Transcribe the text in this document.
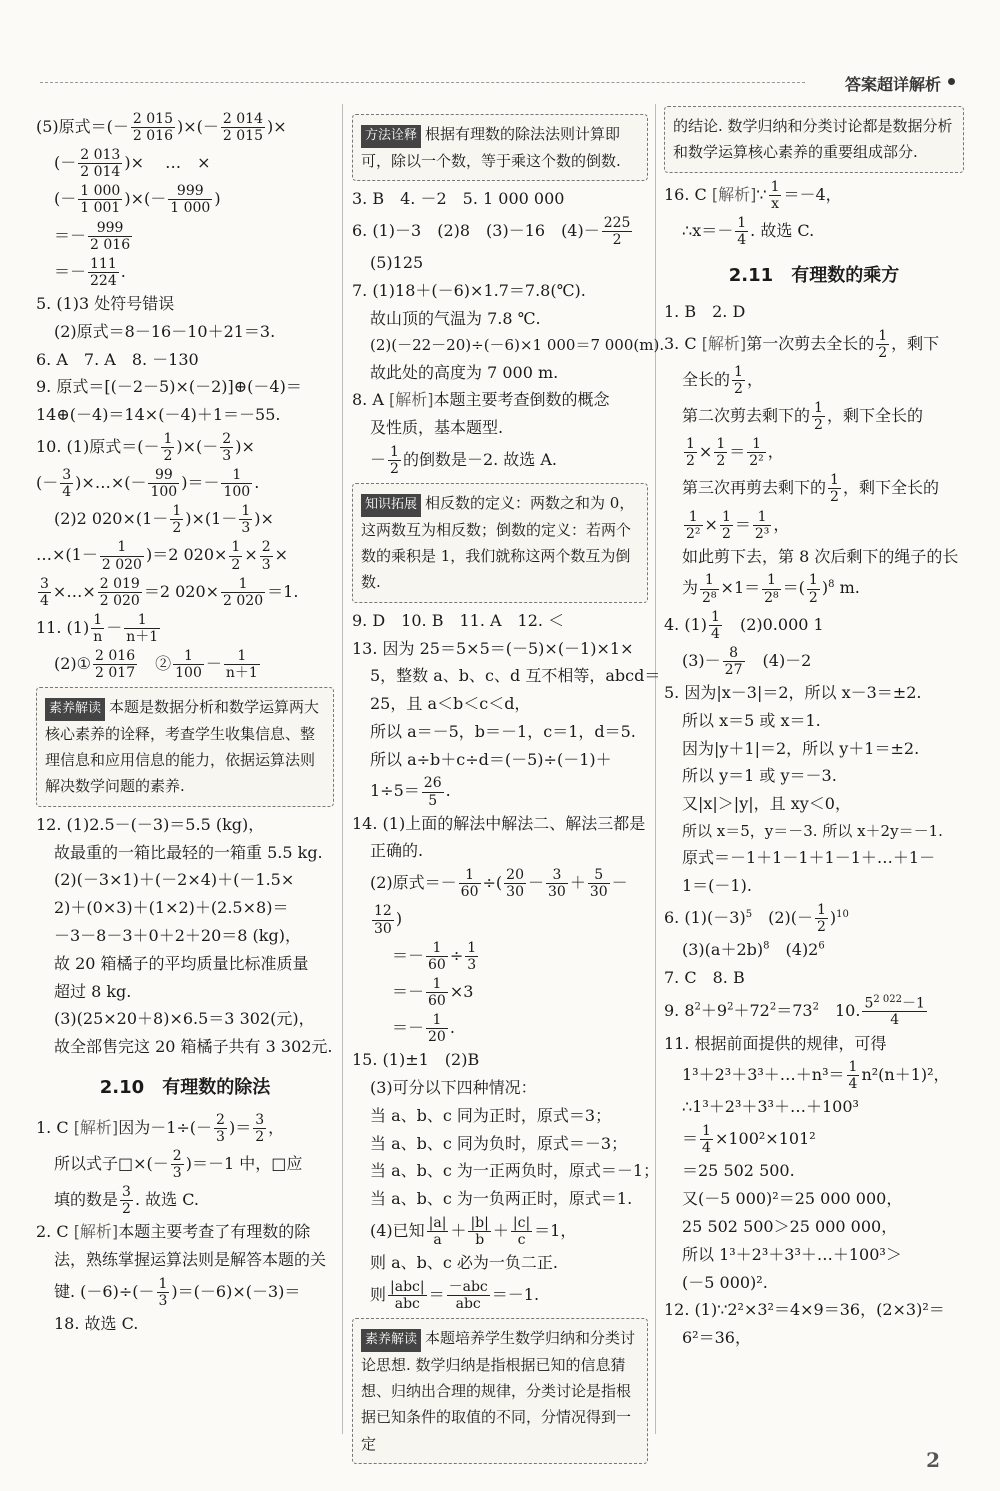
答案超详解析
(5)原式＝(－ $\frac{2 015}{2 016}$ )×(－ $\frac{2 014}{2 015}$ )×
(－ $\frac{2 013}{2 014}$ )×　 …　×
(－ $\frac{1 000}{1 001}$ )×(－ $\frac{999}{1 000}$ )
＝－ $\frac{999}{2 016}$
＝－ $\frac{111}{224}$ .
5. (1)3 处符号错误
(2)原式＝8－16－10＋21＝3.
6. A　7. A　8. －130
9. 原式＝[(－2－5)×(－2)]⊕(－4)＝
14⊕(－4)＝14×(－4)＋1＝－55.
10. (1)原式＝(－ $\frac{1}{2}$ )×(－ $\frac{2}{3}$ )×
(－ $\frac{3}{4}$ )×…×(－ $\frac{99}{100}$ )＝－ $\frac{1}{100}$ .
(2)2 $020\times(1- \frac{1}{2} )\times(1- \frac{1}{3}$ )×
…×(1－ $\frac{1}{2 020} )=2$ $020\times \frac{1}{2} \times \frac{2}{3}$ ×
$\frac{3}{4}$ ×…× $\frac{2 019}{2 020} =2$ $020\times \frac{1}{2 020} =1$.
11. $(1) \frac{1}{n} - \frac{1}{n+1}$
(2)① $\frac{2 016}{2 017}$
　 ② $\frac{1}{100} - \frac{1}{n+1}$
素养解读 本题是数据分析和数学运算两大核心素养的诠释，考查学生收集信息、整理信息和应用信息的能力，依据运算法则解决数学问题的素养.
12. (1)2.5－(－3)＝5.5 (kg)，
故最重的一箱比最轻的一箱重 5.5 kg.
(2)(－3×1)＋(－2×4)＋(－1.5×
2)＋(0×3)＋(1×2)＋(2.5×8)＝
－3－8－3＋0＋2＋20＝8 (kg)，
故 20 箱橘子的平均质量比标准质量
超过 8 kg.
(3)(25×20＋8)×6.5＝3 302(元)，
故全部售完这 20 箱橘子共有 3 302元.
2.10　有理数的除法
1. C [解析]因为$-1\div(- \frac{2}{3}$ )＝ $\frac{3}{2}$ ，
所以式子□×(－ $\frac{2}{3} )=-1$ 中，□应
填的数是 $\frac{3}{2}$ . 故选 C.
2. C [解析]本题主要考查了有理数的除
法，熟练掌握运算法则是解答本题的关
键. $(-6)\div(- \frac{1}{3} )=(-6)\times(-3)=$
18. 故选 C.
方法诠释 根据有理数的除法法则计算即可，除以一个数，等于乘这个数的倒数.
3. B　4. －2　5. 1 000 000
6. (1)－3　(2)8　(3)－16　$(4)- \frac{225}{2}$
(5)125
7. (1)18＋(－6)×1.7＝7.8(℃).
故山顶的气温为 7.8 ℃.
(2)(－22－20)÷(－6)×1 000＝7 000(m).
故此处的高度为 7 000 m.
8. A [解析]本题主要考查倒数的概念
及性质，基本题型.
－ $\frac{1}{2}$ 的倒数是－2. 故选 A.
知识拓展 相反数的定义：两数之和为 0，这两数互为相反数；倒数的定义：若两个数的乘积是 1，我们就称这两个数互为倒数.
9. D　10. B　11. A　12. ＜
13. 因为 25＝5×5＝(－5)×(－1)×1×
5，整数 a、b、c、d 互不相等，abcd＝
25，且 a＜b＜c＜d，
所以 a＝－5，b＝－1，c＝1，d＝5.
所以 a÷b＋c÷d＝(－5)÷(－1)＋
$1\div 5= \frac{26}{5}$ .
14. (1)上面的解法中解法二、解法三都是
正确的.
(2)原式＝－ $\frac{1}{60}$ ÷( $\frac{20}{30} - \frac{3}{30} + \frac{5}{30}$ －
$\frac{12}{30}$ )
＝－ $\frac{1}{60} \div \frac{1}{3}$
＝－ $\frac{1}{60} \times 3$
＝－ $\frac{1}{20}$ .
15. (1)±1　(2)B
(3)可分以下四种情况：
当 a、b、c 同为正时，原式＝3；
当 a、b、c 同为负时，原式＝－3；
当 a、b、c 为一正两负时，原式＝－1；
当 a、b、c 为一负两正时，原式＝1.
(4)已知 $\frac{|a|}{a} + \frac{|b|}{b} + \frac{|c|}{c} =1$，
则 a、b、c 必为一负二正.
则 $\frac{\text{|abc|}}{\text{abc}} = \frac{\text{－abc}}{\text{abc}} =-1$.
素养解读 本题培养学生数学归纳和分类讨论思想. 数学归纳是指根据已知的信息猜想、归纳出合理的规律，分类讨论是指根据已知条件的取值的不同，分情况得到一定
的结论. 数学归纳和分类讨论都是数据分析和数学运算核心素养的重要组成部分.
16. C [解析]∵ $\frac{1}{x} =-4$，
∴x＝－ $\frac{1}{4}$ . 故选 C.
2.11　有理数的乘方
1. B　2. D
3. C [解析]第一次剪去全长的 $\frac{1}{2}$ ，剩下
全长的 $\frac{1}{2}$ ，
第二次剪去剩下的 $\frac{1}{2}$ ，剩下全长的
$\frac{1}{2} \times \frac{1}{2} = \frac{1}{\text{2²}}$ ，
第三次再剪去剩下的 $\frac{1}{2}$ ，剩下全长的
$\frac{1}{\text{2²}} \times \frac{1}{2} = \frac{1}{\text{2³}}$ ，
如此剪下去，第 8 次后剩下的绳子的长
为 $\frac{1}{\text{2⁸}} \times 1= \frac{1}{\text{2⁸}}$ ＝( $\frac{1}{2} )^8$ m.
4. $(1) \frac{1}{4}$
　 (2)0.000 1
$(3)- \frac{8}{27}$
　 (4)－2
5. 因为|x－3|＝2，所以 x－3＝±2.
所以 x＝5 或 x＝1.
因为|y＋1|＝2，所以 y＋1＝±2.
所以 y＝1 或 y＝－3.
又|x|＞|y|，且 xy＜0，
所以 x＝5，y＝－3. 所以 x＋2y＝－1.
原式＝－1＋1－1＋1－1＋…＋1－
1＝(－1).
6. $(1)(-3)^5$　 $(2)(- \frac{1}{2} )^{10}$
$(3)(a+2b)^8$　 $(4)2^6$
7. C　8. B
9. $8^2+9^2+72^2=73^2$　 10. $\frac{5^{2 022}-1}{4}$
11. 根据前面提供的规律，可得
1³＋2³＋3³＋…＋n³＝ $\frac{1}{4} n^2(n+1)^2$，
∴1³＋2³＋3³＋…＋100³
＝ $\frac{1}{4} \times 100^2\times 101^2$
＝25 502 500.
又(－5 000)²＝25 000 000，
25 502 500＞25 000 000，
所以 1³＋2³＋3³＋…＋100³＞
(－5 000)².
12. (1)∵2²×3²＝4×9＝36，(2×3)²＝
6²＝36，
2
